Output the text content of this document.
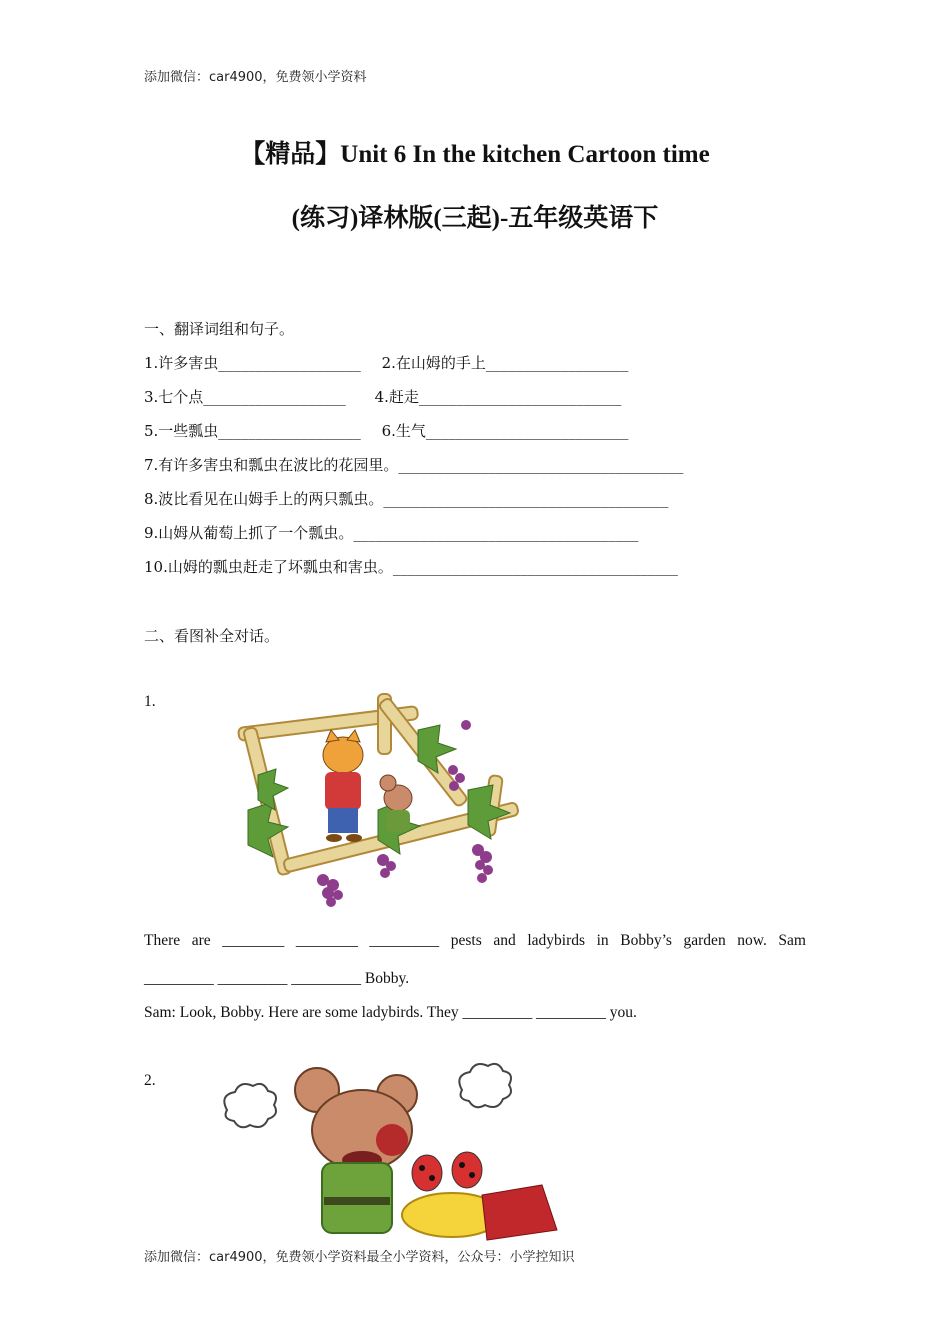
添加微信：car4900，免费领小学资料
【精品】Unit 6 In the kitchen Cartoon time
(练习)译林版(三起)-五年级英语下
一、翻译词组和句子。
1.许多害虫___________________ 2.在山姆的手上___________________
3.七个点___________________ 4.赶走___________________________
5.一些瓢虫___________________ 6.生气___________________________
7.有许多害虫和瓢虫在波比的花园里。______________________________________
8.波比看见在山姆手上的两只瓢虫。______________________________________
9.山姆从葡萄上抓了一个瓢虫。______________________________________
10.山姆的瓢虫赶走了坏瓢虫和害虫。______________________________________
二、看图补全对话。
1.
There are ________ ________ _________ pests and ladybirds in Bobby’s garden now. Sam
_________ _________ _________ Bobby.
Sam: Look, Bobby. Here are some ladybirds. They _________ _________ you.
2.
添加微信：car4900，免费领小学资料最全小学资料，公众号：小学控知识
